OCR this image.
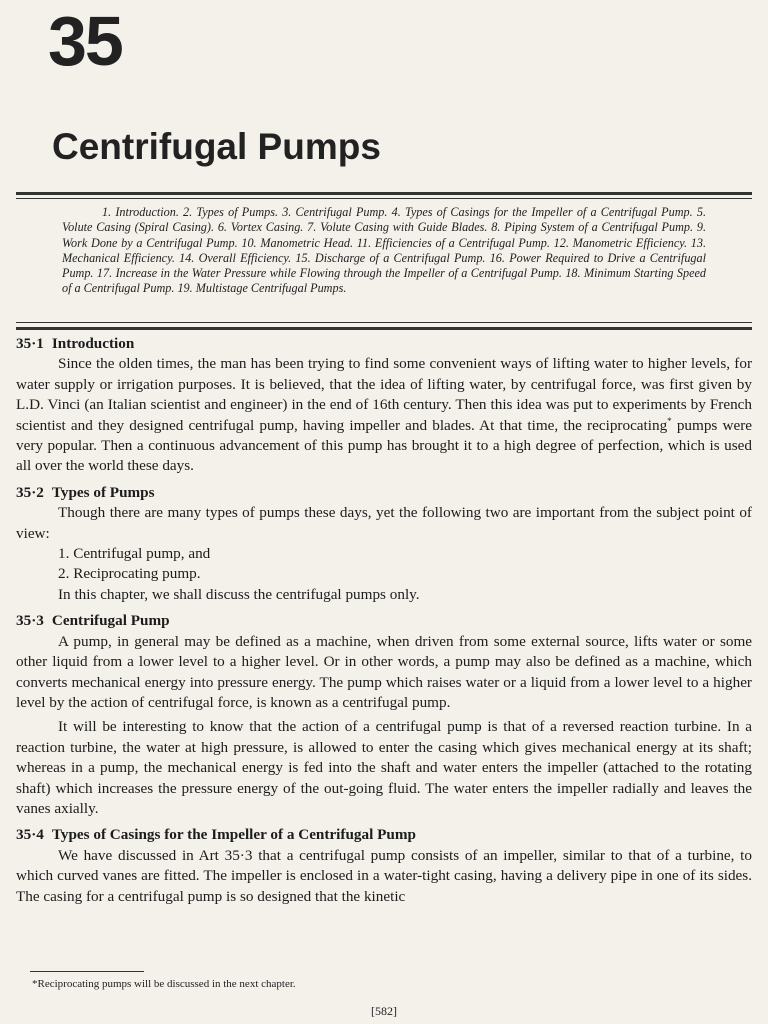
35
Centrifugal Pumps
1. Introduction. 2. Types of Pumps. 3. Centrifugal Pump. 4. Types of Casings for the Impeller of a Centrifugal Pump. 5. Volute Casing (Spiral Casing). 6. Vortex Casing. 7. Volute Casing with Guide Blades. 8. Piping System of a Centrifugal Pump. 9. Work Done by a Centrifugal Pump. 10. Manometric Head. 11. Efficiencies of a Centrifugal Pump. 12. Manometric Efficiency. 13. Mechanical Efficiency. 14. Overall Efficiency. 15. Discharge of a Centrifugal Pump. 16. Power Required to Drive a Centrifugal Pump. 17. Increase in the Water Pressure while Flowing through the Impeller of a Centrifugal Pump. 18. Minimum Starting Speed of a Centrifugal Pump. 19. Multistage Centrifugal Pumps.

35·1 Introduction

Since the olden times, the man has been trying to find some convenient ways of lifting water to higher levels, for water supply or irrigation purposes. It is believed, that the idea of lifting water, by centrifugal force, was first given by L.D. Vinci (an Italian scientist and engineer) in the end of 16th century. Then this idea was put to experiments by French scientist and they designed centrifugal pump, having impeller and blades. At that time, the reciprocating* pumps were very popular. Then a continuous advancement of this pump has brought it to a high degree of perfection, which is used all over the world these days.

35·2 Types of Pumps

Though there are many types of pumps these days, yet the following two are important from the subject point of view:

1. Centrifugal pump, and

2. Reciprocating pump.

In this chapter, we shall discuss the centrifugal pumps only.

35·3 Centrifugal Pump

A pump, in general may be defined as a machine, when driven from some external source, lifts water or some other liquid from a lower level to a higher level. Or in other words, a pump may also be defined as a machine, which converts mechanical energy into pressure energy. The pump which raises water or a liquid from a lower level to a higher level by the action of centrifugal force, is known as a centrifugal pump.

It will be interesting to know that the action of a centrifugal pump is that of a reversed reaction turbine. In a reaction turbine, the water at high pressure, is allowed to enter the casing which gives mechanical energy at its shaft; whereas in a pump, the mechanical energy is fed into the shaft and water enters the impeller (attached to the rotating shaft) which increases the pressure energy of the out-going fluid. The water enters the impeller radially and leaves the vanes axially.

35·4 Types of Casings for the Impeller of a Centrifugal Pump

We have discussed in Art 35·3 that a centrifugal pump consists of an impeller, similar to that of a turbine, to which curved vanes are fitted. The impeller is enclosed in a water-tight casing, having a delivery pipe in one of its sides. The casing for a centrifugal pump is so designed that the kinetic

*Reciprocating pumps will be discussed in the next chapter.
[582]
